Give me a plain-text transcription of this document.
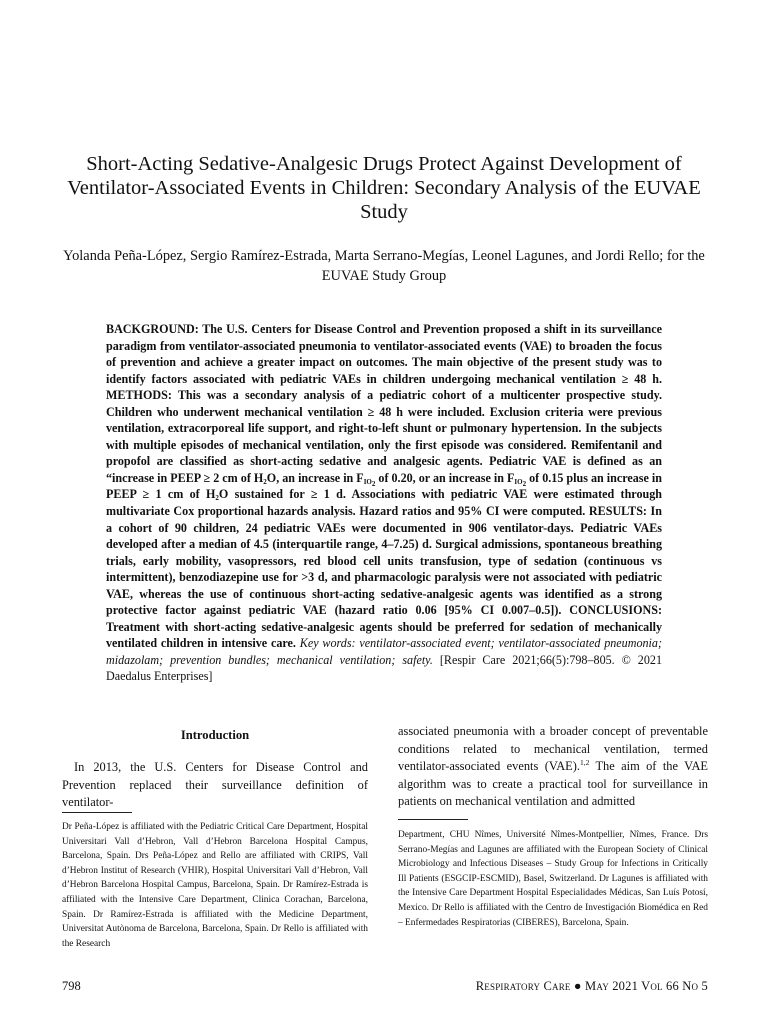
Short-Acting Sedative-Analgesic Drugs Protect Against Development of Ventilator-Associated Events in Children: Secondary Analysis of the EUVAE Study

Yolanda Peña-López, Sergio Ramírez-Estrada, Marta Serrano-Megías, Leonel Lagunes, and Jordi Rello; for the EUVAE Study Group

BACKGROUND: The U.S. Centers for Disease Control and Prevention proposed a shift in its surveillance paradigm from ventilator-associated pneumonia to ventilator-associated events (VAE) to broaden the focus of prevention and achieve a greater impact on outcomes. The main objective of the present study was to identify factors associated with pediatric VAEs in children undergoing mechanical ventilation ≥ 48 h. METHODS: This was a secondary analysis of a pediatric cohort of a multicenter prospective study. Children who underwent mechanical ventilation ≥ 48 h were included. Exclusion criteria were previous ventilation, extracorporeal life support, and right-to-left shunt or pulmonary hypertension. In the subjects with multiple episodes of mechanical ventilation, only the first episode was considered. Remifentanil and propofol are classified as short-acting sedative and analgesic agents. Pediatric VAE is defined as an “increase in PEEP ≥ 2 cm of $H_2O$, an increase in $F_{IO_2}$ of 0.20, or an increase in $F_{IO_2}$ of 0.15 plus an increase in PEEP ≥ 1 cm of $H_2O$ sustained for ≥ 1 d. Associations with pediatric VAE were estimated through multivariate Cox proportional hazards analysis. Hazard ratios and 95% CI were computed. RESULTS: In a cohort of 90 children, 24 pediatric VAEs were documented in 906 ventilator-days. Pediatric VAEs developed after a median of 4.5 (interquartile range, 4–7.25) d. Surgical admissions, spontaneous breathing trials, early mobility, vasopressors, red blood cell units transfusion, type of sedation (continuous vs intermittent), benzodiazepine use for >3 d, and pharmacologic paralysis were not associated with pediatric VAE, whereas the use of continuous short-acting sedative-analgesic agents was identified as a strong protective factor against pediatric VAE (hazard ratio 0.06 [95% CI 0.007–0.5]). CONCLUSIONS: Treatment with short-acting sedative-analgesic agents should be preferred for sedation of mechanically ventilated children in intensive care. Key words: ventilator-associated event; ventilator-associated pneumonia; midazolam; prevention bundles; mechanical ventilation; safety. [Respir Care 2021;66(5):798–805. © 2021 Daedalus Enterprises]

Introduction

In 2013, the U.S. Centers for Disease Control and Prevention replaced their surveillance definition of ventilator-

associated pneumonia with a broader concept of preventable conditions related to mechanical ventilation, termed ventilator-associated events (VAE).$^{1,2}$ The aim of the VAE algorithm was to create a practical tool for surveillance in patients on mechanical ventilation and admitted

Dr Peña-López is affiliated with the Pediatric Critical Care Department, Hospital Universitari Vall d’Hebron, Vall d’Hebron Barcelona Hospital Campus, Barcelona, Spain. Drs Peña-López and Rello are affiliated with CRIPS, Vall d’Hebron Institut of Research (VHIR), Hospital Universitari Vall d’Hebron, Vall d’Hebron Barcelona Hospital Campus, Barcelona, Spain. Dr Ramírez-Estrada is affiliated with the Intensive Care Department, Clinica Corachan, Barcelona, Spain. Dr Ramírez-Estrada is affiliated with the Medicine Department, Universitat Autònoma de Barcelona, Barcelona, Spain. Dr Rello is affiliated with the Research

Department, CHU Nîmes, Université Nîmes-Montpellier, Nîmes, France. Drs Serrano-Megías and Lagunes are affiliated with the European Society of Clinical Microbiology and Infectious Diseases – Study Group for Infections in Critically Ill Patients (ESGCIP-ESCMID), Basel, Switzerland. Dr Lagunes is affiliated with the Intensive Care Department Hospital Especialidades Médicas, San Luís Potosí, Mexico. Dr Rello is affiliated with the Centro de Investigación Biomédica en Red – Enfermedades Respiratorias (CIBERES), Barcelona, Spain.

798	Respiratory Care ● May 2021 Vol 66 No 5
